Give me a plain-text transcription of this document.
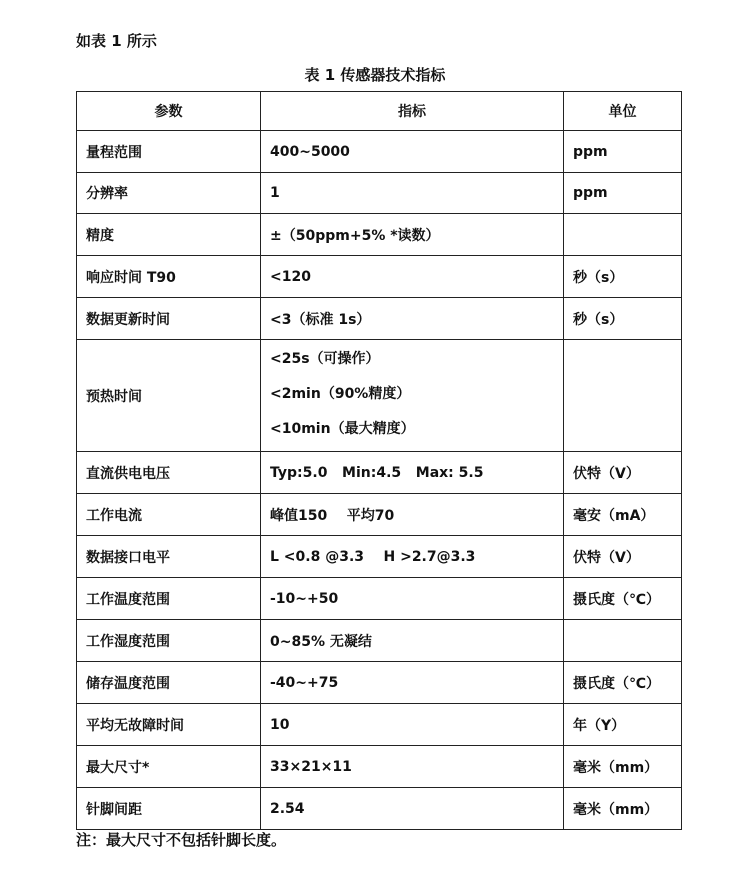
如表 1 所示
表 1 传感器技术指标
参数	指标	单位
量程范围	400~5000	ppm
分辨率	1	ppm
精度	±（50ppm+5% *读数）	
响应时间 T90	<120	秒（s）
数据更新时间	<3（标准 1s）	秒（s）
预热时间	<25s（可操作）
<2min（90%精度）
<10min（最大精度）	

直流供电电压	Typ:5.0   Min:4.5   Max: 5.5	伏特（V）
工作电流	峰值150    平均70	毫安（mA）
数据接口电平	L <0.8 @3.3    H >2.7@3.3	伏特（V）
工作温度范围	-10~+50	摄氏度（℃）
工作湿度范围	0~85% 无凝结	
储存温度范围	-40~+75	摄氏度（℃）
平均无故障时间	10	年（Y）
最大尺寸*	33×21×11	毫米（mm）
针脚间距	2.54	毫米（mm）
注：最大尺寸不包括针脚长度。
